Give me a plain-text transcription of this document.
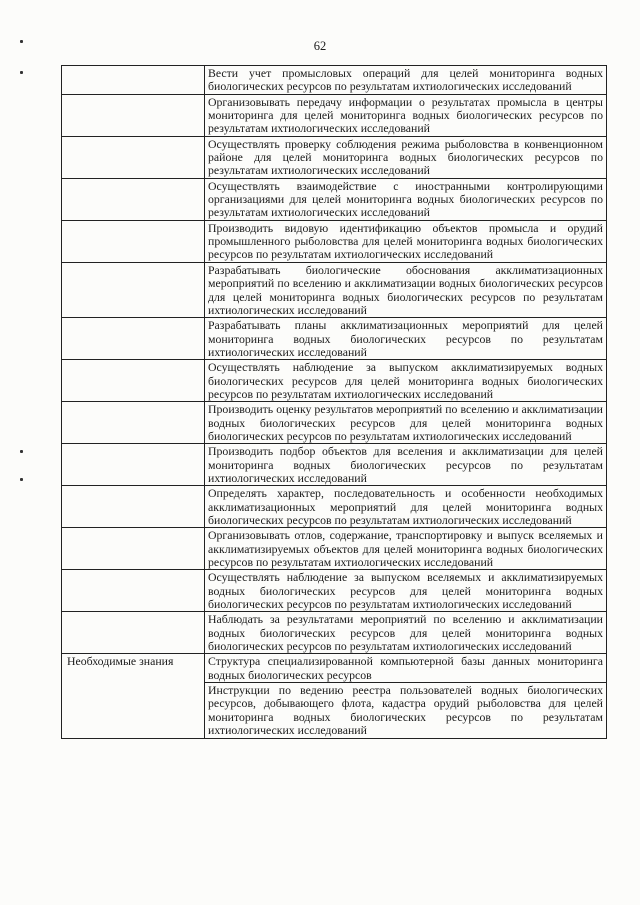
62
	Вести учет промысловых операций для целей мониторинга водных биологических ресурсов по результатам ихтиологических исследований
	Организовывать передачу информации о результатах промысла в центры мониторинга для целей мониторинга водных биологических ресурсов по результатам ихтиологических исследований
	Осуществлять проверку соблюдения режима рыболовства в конвенционном районе для целей мониторинга водных биологических ресурсов по результатам ихтиологических исследований
	Осуществлять взаимодействие с иностранными контролирующими организациями для целей мониторинга водных биологических ресурсов по результатам ихтиологических исследований
	Производить видовую идентификацию объектов промысла и орудий промышленного рыболовства для целей мониторинга водных биологических ресурсов по результатам ихтиологических исследований
	Разрабатывать биологические обоснования акклиматизационных мероприятий по вселению и акклиматизации водных биологических ресурсов для целей мониторинга водных биологических ресурсов по результатам ихтиологических исследований
	Разрабатывать планы акклиматизационных мероприятий для целей мониторинга водных биологических ресурсов по результатам ихтиологических исследований
	Осуществлять наблюдение за выпуском акклиматизируемых водных биологических ресурсов для целей мониторинга водных биологических ресурсов по результатам ихтиологических исследований
	Производить оценку результатов мероприятий по вселению и акклиматизации водных биологических ресурсов для целей мониторинга водных биологических ресурсов по результатам ихтиологических исследований
	Производить подбор объектов для вселения и акклиматизации для целей мониторинга водных биологических ресурсов по результатам ихтиологических исследований
	Определять характер, последовательность и особенности необходимых акклиматизационных мероприятий для целей мониторинга водных биологических ресурсов по результатам ихтиологических исследований
	Организовывать отлов, содержание, транспортировку и выпуск вселяемых и акклиматизируемых объектов для целей мониторинга водных биологических ресурсов по результатам ихтиологических исследований
	Осуществлять наблюдение за выпуском вселяемых и акклиматизируемых водных биологических ресурсов для целей мониторинга водных биологических ресурсов по результатам ихтиологических исследований
	Наблюдать за результатами мероприятий по вселению и акклиматизации водных биологических ресурсов для целей мониторинга водных биологических ресурсов по результатам ихтиологических исследований
Необходимые знания	Структура специализированной компьютерной базы данных мониторинга водных биологических ресурсов
	Инструкции по ведению реестра пользователей водных биологических ресурсов, добывающего флота, кадастра орудий рыболовства для целей мониторинга водных биологических ресурсов по результатам ихтиологических исследований
